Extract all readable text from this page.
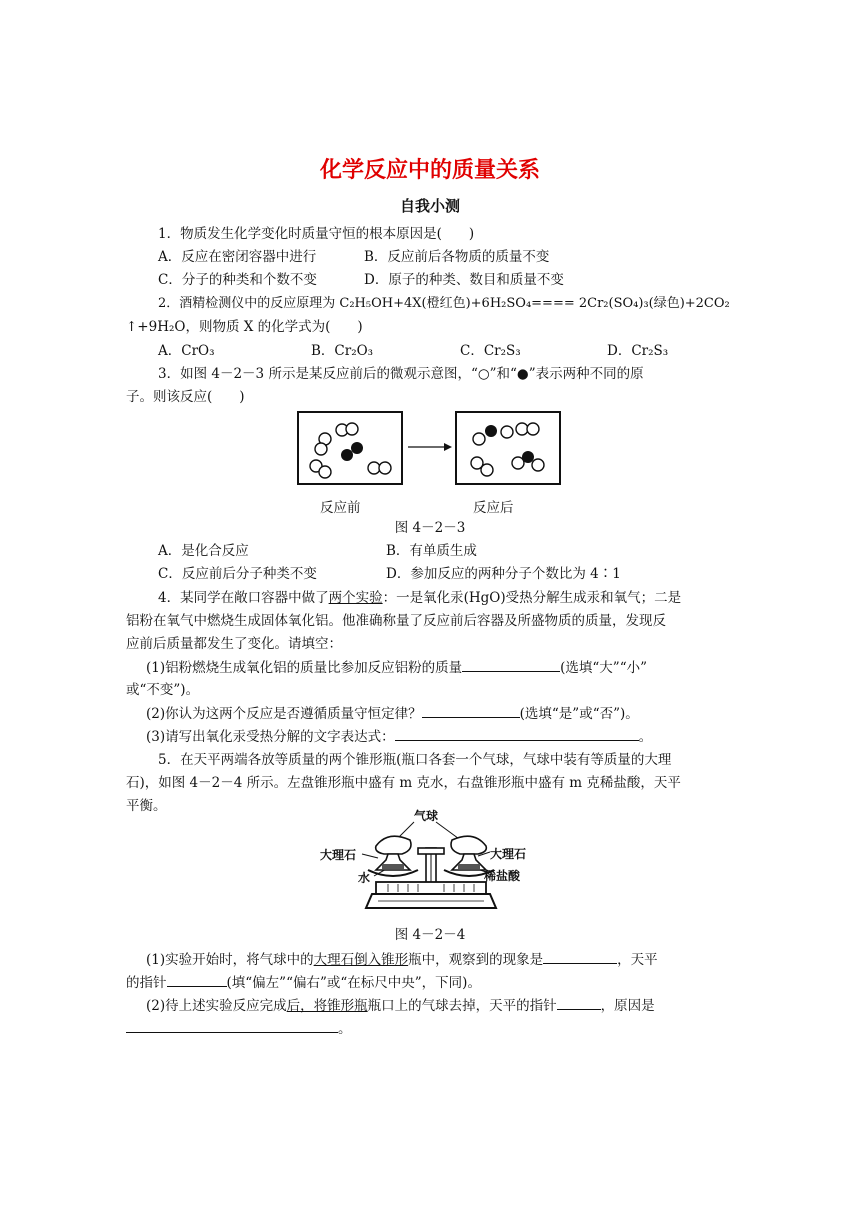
化学反应中的质量关系
自我小测
1．物质发生化学变化时质量守恒的根本原因是(　　)
A．反应在密闭容器中进行	B．反应前后各物质的质量不变
C．分子的种类和个数不变	D．原子的种类、数目和质量不变
2．酒精检测仪中的反应原理为 C₂H₅OH+4X(橙红色)+6H₂SO₄==== 2Cr₂(SO₄)₃(绿色)+2CO₂
↑+9H₂O，则物质 X 的化学式为(　　)
A．CrO₃	B．Cr₂O₃	C．Cr₂S₃	D．Cr₂S₃
3．如图 4－2－3 所示是某反应前后的微观示意图，“○”和“●”表示两种不同的原
子。则该反应(　　)
反应前	反应后
图 4－2－3
A．是化合反应	B．有单质生成
C．反应前后分子种类不变	D．参加反应的两种分子个数比为 4∶1
4．某同学在敞口容器中做了两个实验：一是氧化汞(HgO)受热分解生成汞和氧气；二是
铝粉在氧气中燃烧生成固体氧化铝。他准确称量了反应前后容器及所盛物质的质量，发现反
应前后质量都发生了变化。请填空：
(1)铝粉燃烧生成氧化铝的质量比参加反应铝粉的质量	(选填“大”“小”
或“不变”)。
(2)你认为这两个反应是否遵循质量守恒定律？	(选填“是”或“否”)。
(3)请写出氧化汞受热分解的文字表达式：	。
5．在天平两端各放等质量的两个锥形瓶(瓶口各套一个气球，气球中装有等质量的大理
石)，如图 4－2－4 所示。左盘锥形瓶中盛有 m 克水，右盘锥形瓶中盛有 m 克稀盐酸，天平
平衡。
气球
大理石
水
大理石
稀盐酸
图 4－2－4
(1)实验开始时，将气球中的大理石倒入锥形瓶中，观察到的现象是	，天平
的指针	(填“偏左”“偏右”或“在标尺中央”，下同)。
(2)待上述实验反应完成后，将锥形瓶瓶口上的气球去掉，天平的指针	，原因是
。
